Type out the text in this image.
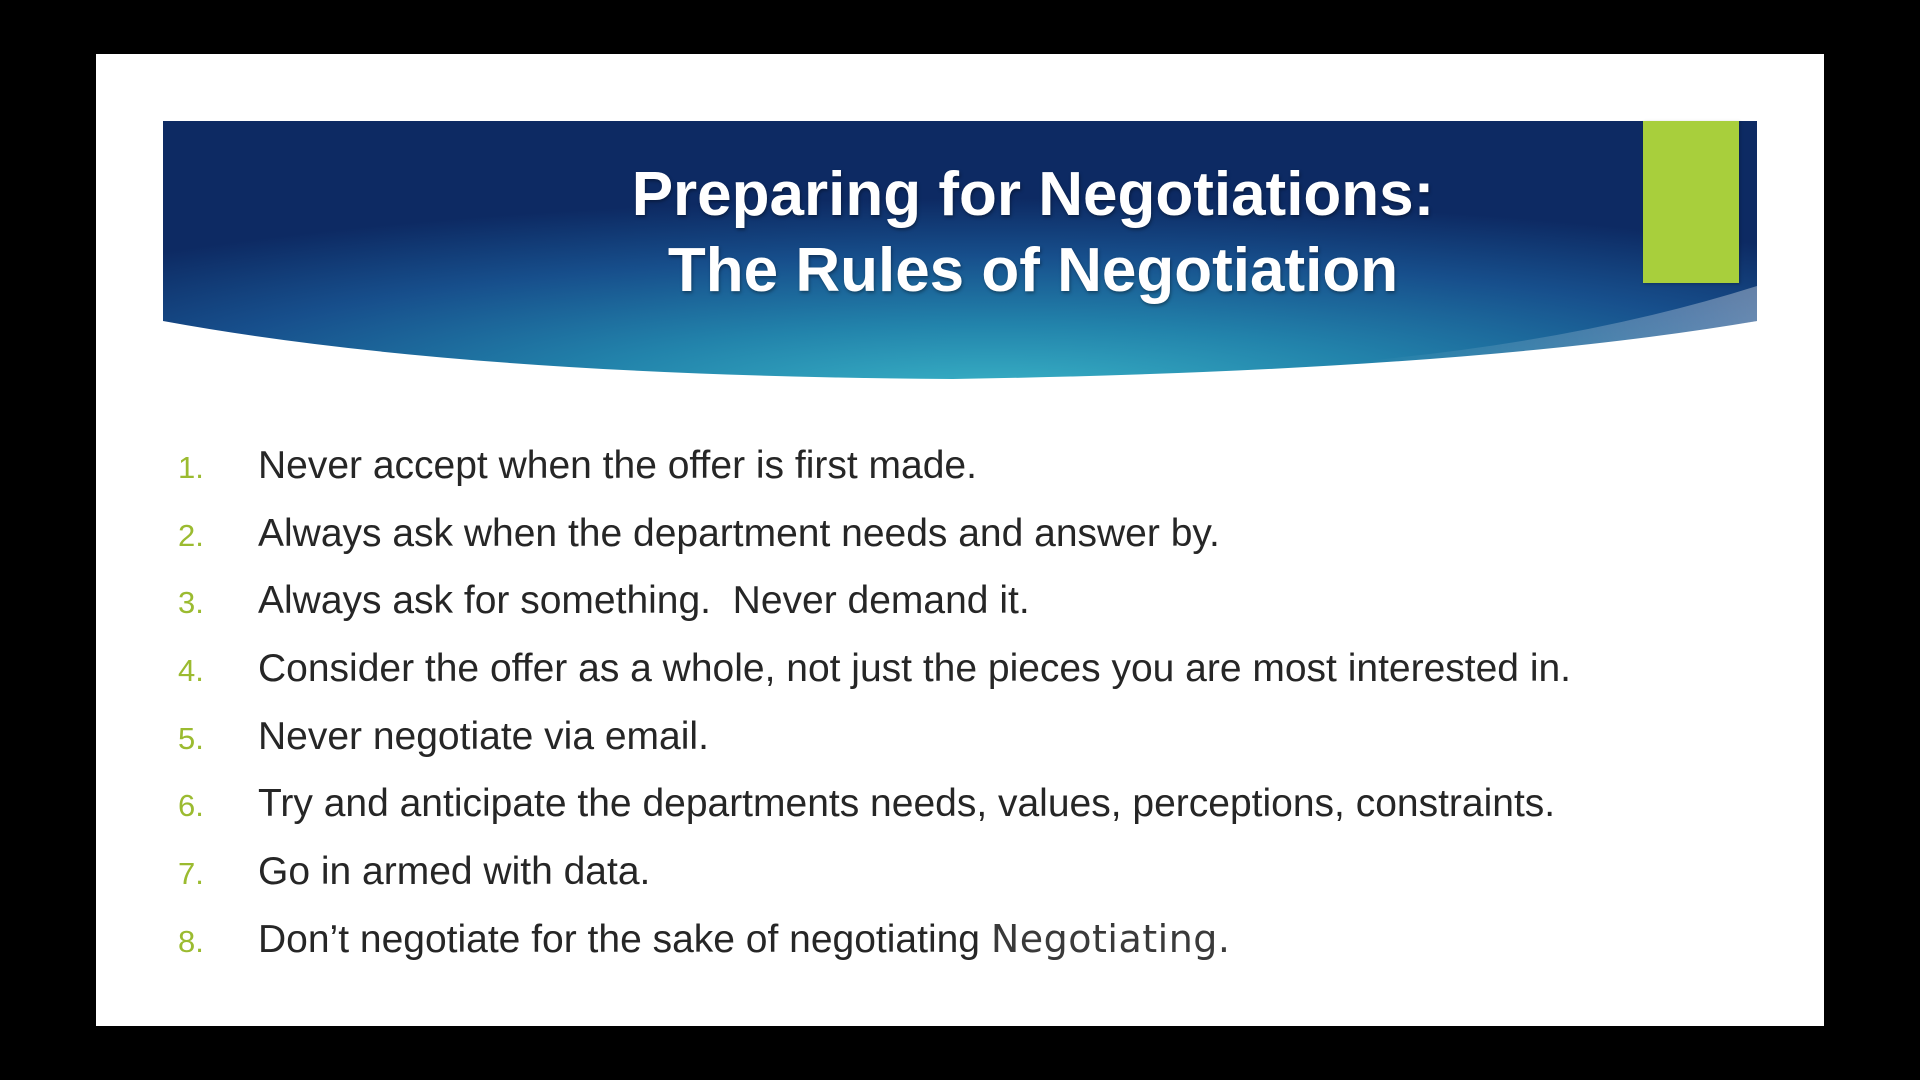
Preparing for Negotiations:
The Rules of Negotiation
1.	Never accept when the offer is first made.
2.	Always ask when the department needs and answer by.
3.	Always ask for something.  Never demand it.
4.	Consider the offer as a whole, not just the pieces you are most interested in.
5.	Never negotiate via email.
6.	Try and anticipate the departments needs, values, perceptions, constraints.
7.	Go in armed with data.
8.	Don’t negotiate for the sake of negotiating Negotiating.
